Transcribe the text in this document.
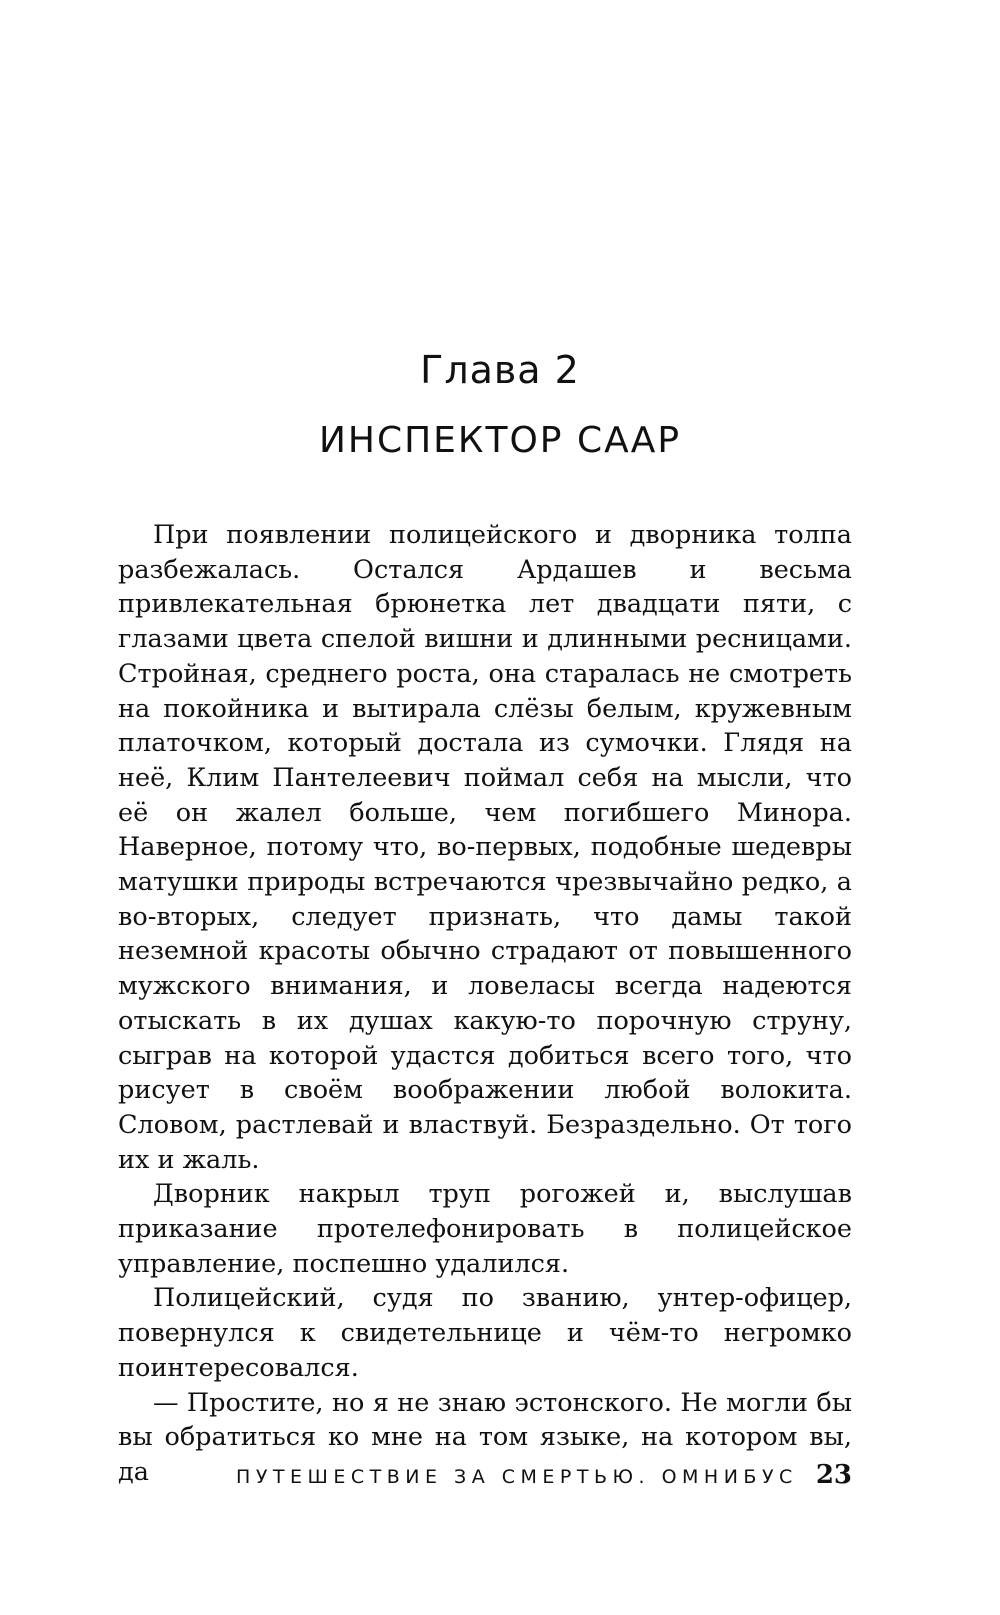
Глава 2
ИНСПЕКТОР САAР

При появлении полицейского и дворника толпа разбежалась. Остался Ардашев и весьма привлекательная брюнетка лет двадцати пяти, с глазами цвета спелой вишни и длинными ресницами. Стройная, среднего роста, она старалась не смотреть на покойника и вытирала слёзы белым, кружевным платочком, который достала из сумочки. Глядя на неё, Клим Пантелеевич поймал себя на мысли, что её он жалел больше, чем погибшего Минора. Наверное, потому что, во-первых, подобные шедевры матушки природы встречаются чрезвычайно редко, а во-вторых, следует признать, что дамы такой неземной красоты обычно страдают от повышенного мужского внимания, и ловеласы всегда надеются отыскать в их душах какую-то порочную струну, сыграв на которой удастся добиться всего того, что рисует в своём воображении любой волокита. Словом, растлевай и властвуй. Безраздельно. От того их и жаль.

Дворник накрыл труп рогожей и, выслушав приказание протелефонировать в полицейское управление, поспешно удалился.

Полицейский, судя по званию, унтер-офицер, повернулся к свидетельнице и чём-то негромко поинтересовался.

— Простите, но я не знаю эстонского. Не могли бы вы обратиться ко мне на том языке, на котором вы, да	ПУТЕШЕСТВИЕ ЗА СМЕРТЬЮ. ОМНИБУС 23
